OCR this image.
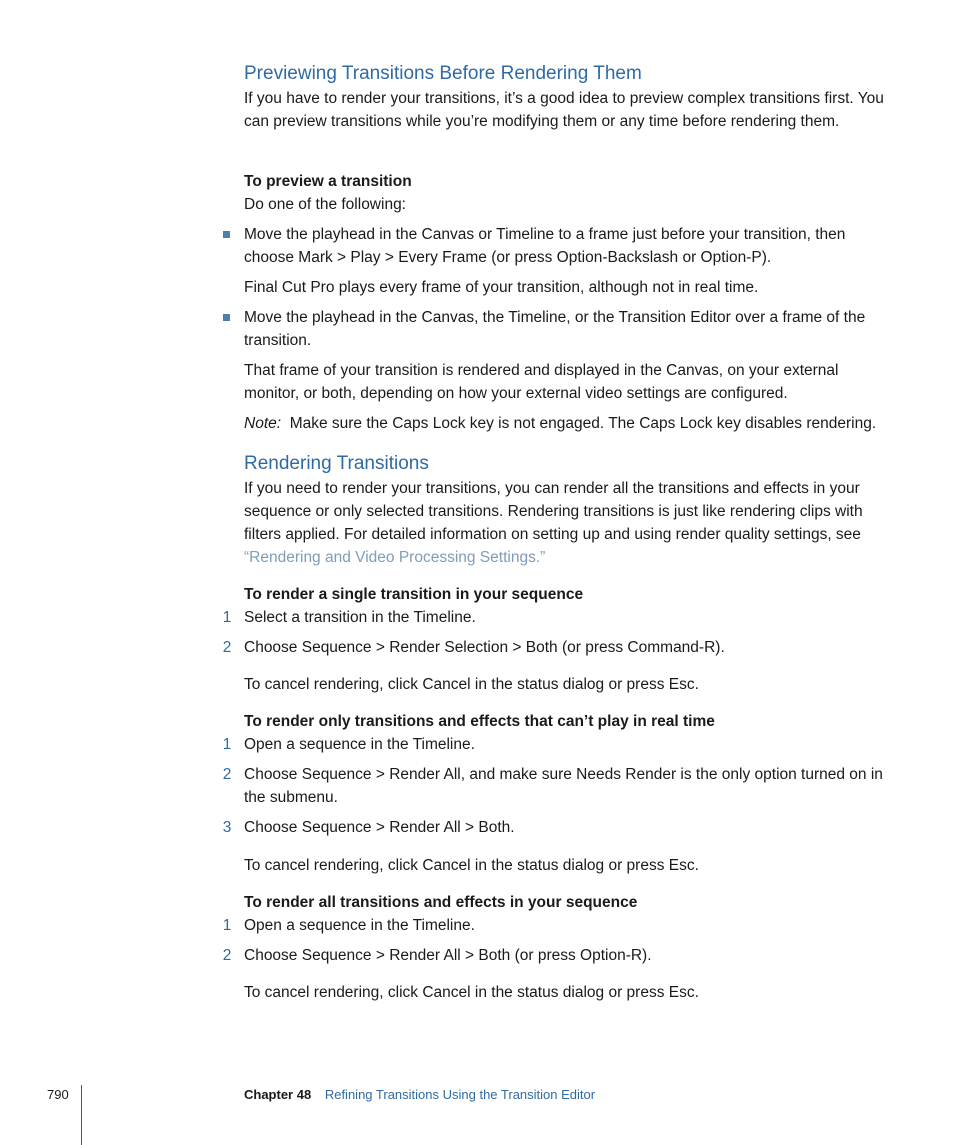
Previewing Transitions Before Rendering Them
If you have to render your transitions, it’s a good idea to preview complex transitions first. You can preview transitions while you’re modifying them or any time before rendering them.
To preview a transition
Do one of the following:
Move the playhead in the Canvas or Timeline to a frame just before your transition, then choose Mark > Play > Every Frame (or press Option-Backslash or Option-P).
Final Cut Pro plays every frame of your transition, although not in real time.
Move the playhead in the Canvas, the Timeline, or the Transition Editor over a frame of the transition.
That frame of your transition is rendered and displayed in the Canvas, on your external monitor, or both, depending on how your external video settings are configured.
Note: Make sure the Caps Lock key is not engaged. The Caps Lock key disables rendering.
Rendering Transitions
If you need to render your transitions, you can render all the transitions and effects in your sequence or only selected transitions. Rendering transitions is just like rendering clips with filters applied. For detailed information on setting up and using render quality settings, see “Rendering and Video Processing Settings.”
To render a single transition in your sequence
1 Select a transition in the Timeline.
2 Choose Sequence > Render Selection > Both (or press Command-R).
To cancel rendering, click Cancel in the status dialog or press Esc.
To render only transitions and effects that can’t play in real time
1 Open a sequence in the Timeline.
2 Choose Sequence > Render All, and make sure Needs Render is the only option turned on in the submenu.
3 Choose Sequence > Render All > Both.
To cancel rendering, click Cancel in the status dialog or press Esc.
To render all transitions and effects in your sequence
1 Open a sequence in the Timeline.
2 Choose Sequence > Render All > Both (or press Option-R).
To cancel rendering, click Cancel in the status dialog or press Esc.
790	Chapter 48 Refining Transitions Using the Transition Editor
